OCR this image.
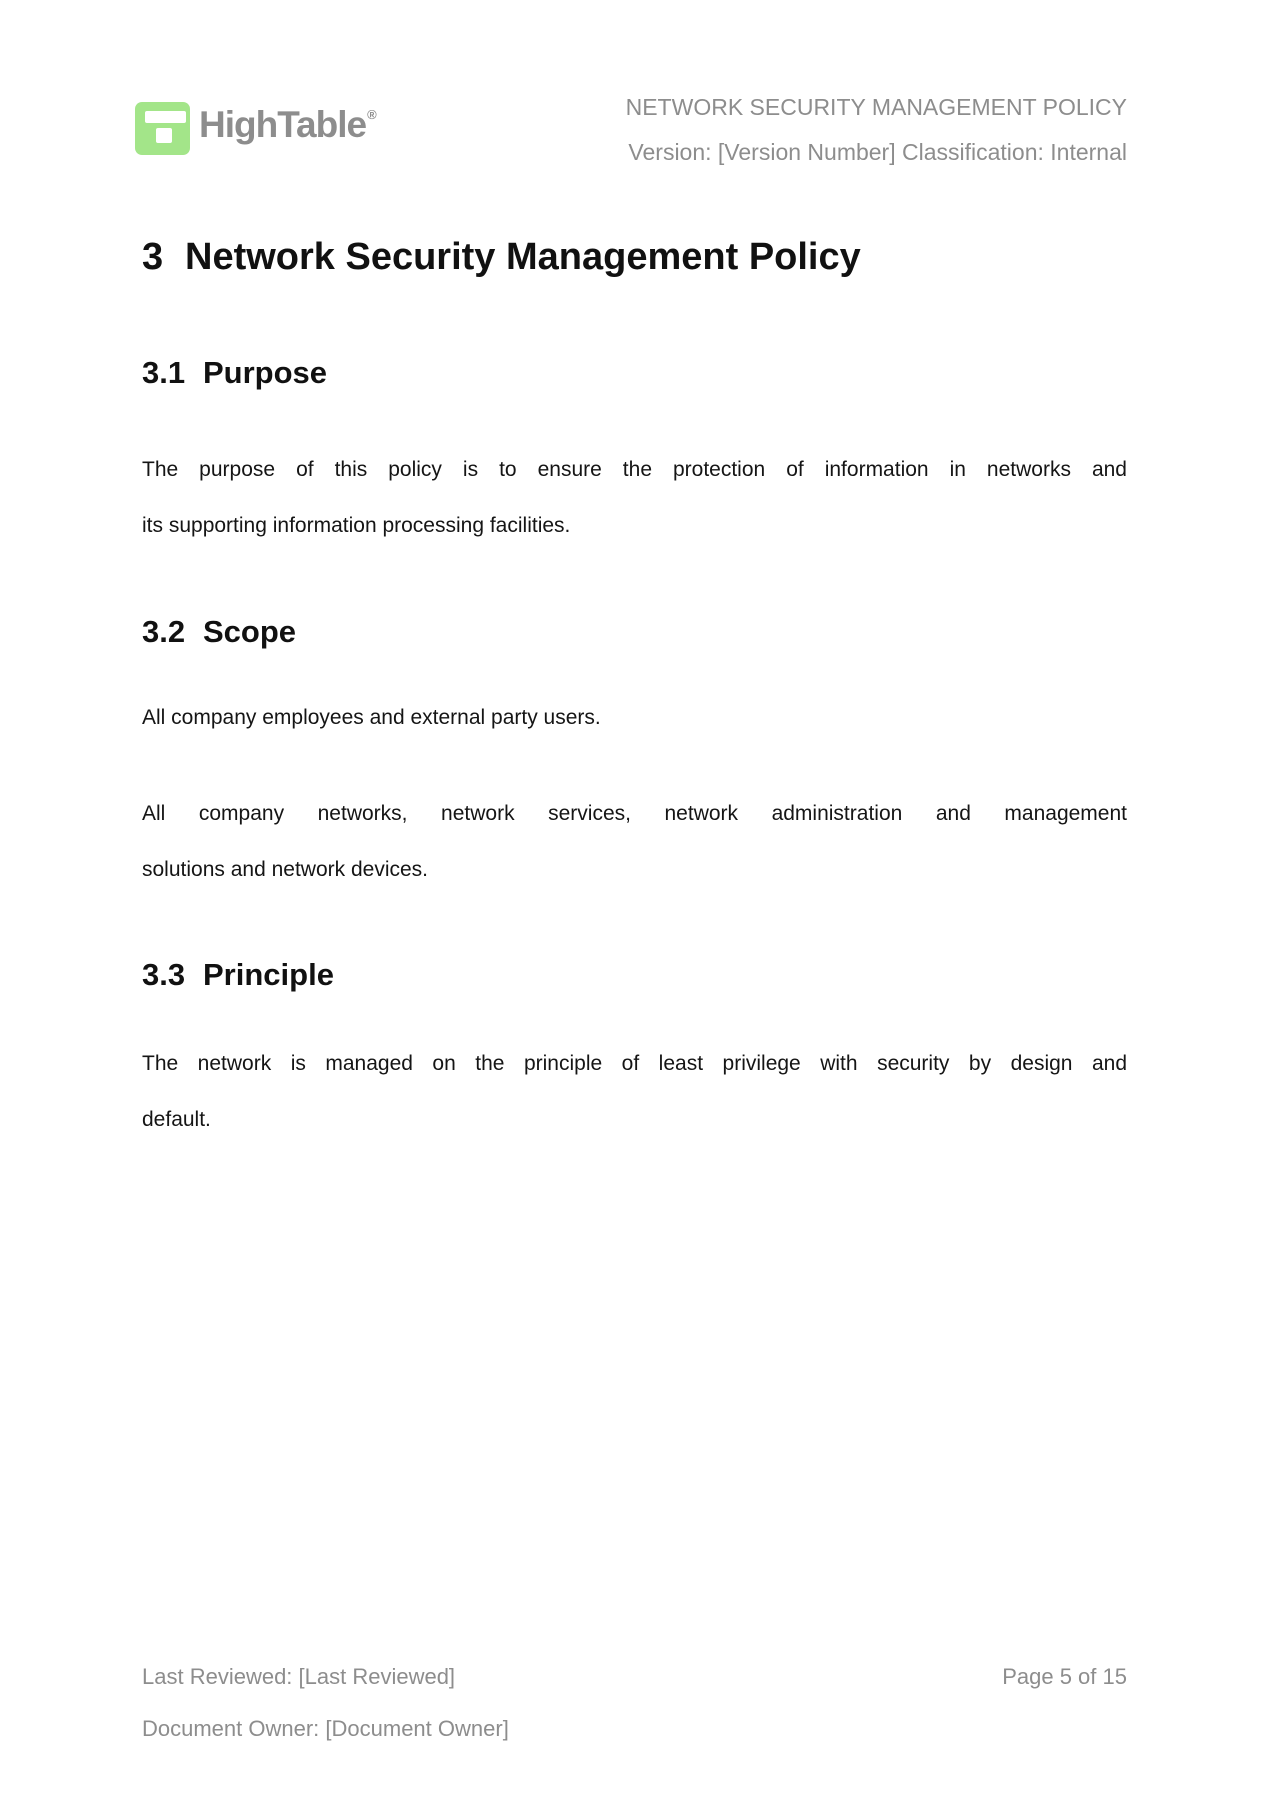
HighTable®	NETWORK SECURITY MANAGEMENT POLICY
Version: [Version Number] Classification: Internal
3 Network Security Management Policy
3.1 Purpose
The purpose of this policy is to ensure the protection of information in networks and
its supporting information processing facilities.
3.2 Scope
All company employees and external party users.
All company networks, network services, network administration and management
solutions and network devices.
3.3 Principle
The network is managed on the principle of least privilege with security by design and
default.
Last Reviewed: [Last Reviewed]	Page 5 of 15
Document Owner: [Document Owner]
